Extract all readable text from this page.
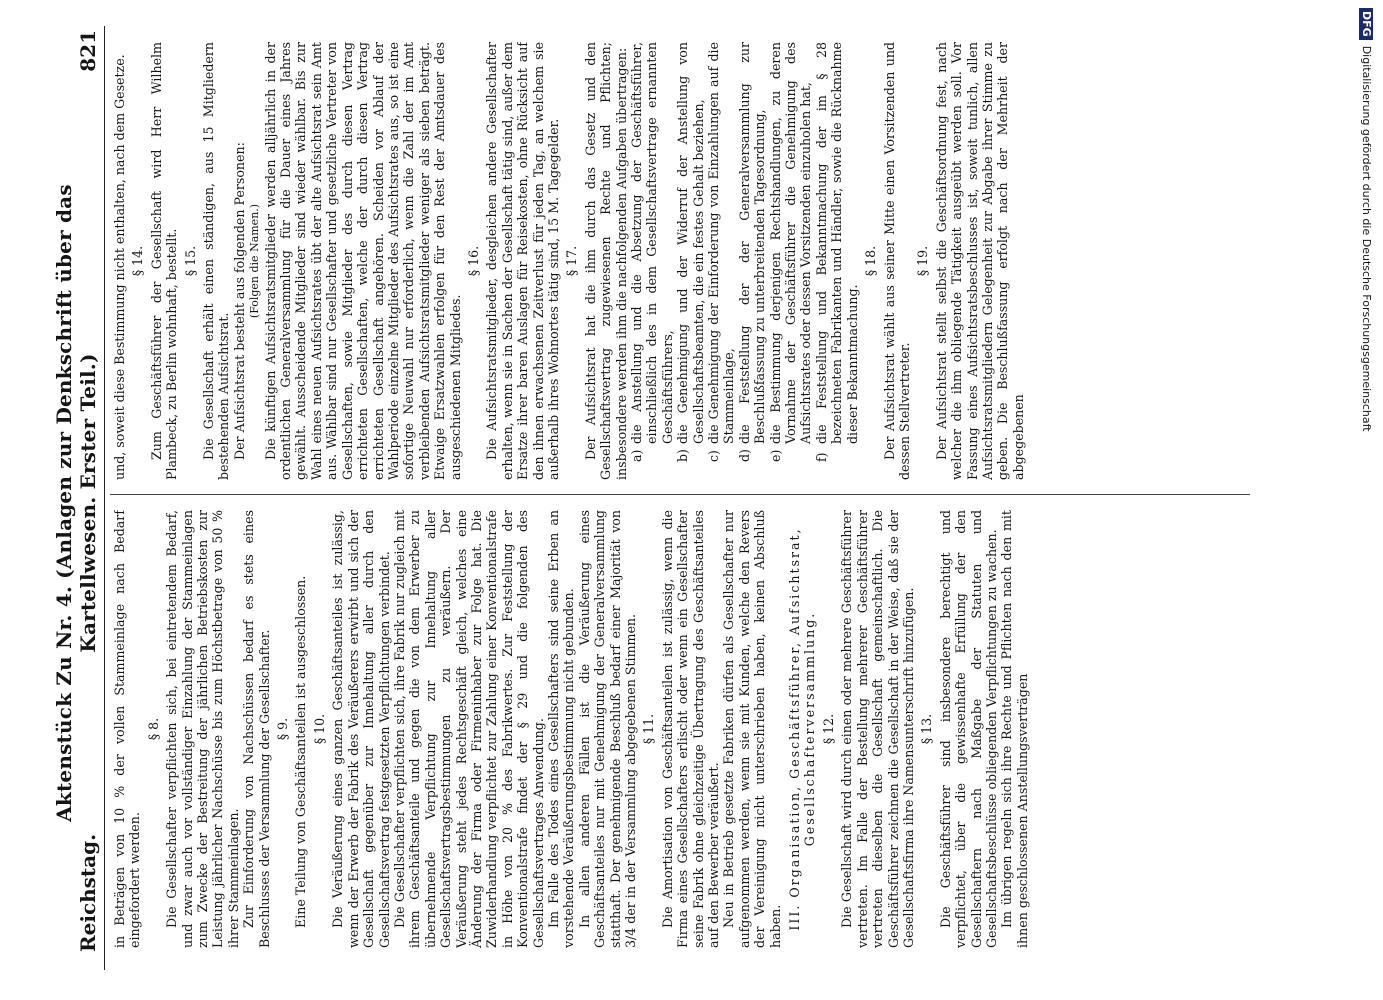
Reichstag.
Aktenstück Zu Nr. 4. (Anlagen zur Denkschrift über das Kartellwesen. Erster Teil.)
821

in Beträgen von 10 % der vollen Stammeinlage nach Bedarf eingefordert werden.

§ 8. Die Gesellschafter verpflichten sich, bei eintretendem Bedarf, und zwar auch vor vollständiger Einzahlung der Stammeinlagen zum Zwecke der Bestreitung der jährlichen Betriebskosten zur Leistung jährlicher Nachschüsse bis zum Höchstbetrage von 50 % ihrer Stammeinlagen. Zur Einforderung von Nachschüssen bedarf es stets eines Beschlusses der Versammlung der Gesellschafter. § 9. Eine Teilung von Geschäftsanteilen ist ausgeschlossen. § 10. Die Veräußerung eines ganzen Geschäftsanteiles ist zulässig, wenn der Erwerb der Fabrik des Veräußerers erwirbt und sich der Gesellschaft gegenüber zur Innehaltung aller durch den Gesellschaftsvertrag festgesetzten Verpflichtungen verbindet. Die Gesellschafter verpflichten sich, ihre Fabrik nur zugleich mit ihrem Geschäftsanteile und gegen die von dem Erwerber zu übernehmende Verpflichtung zur Innehaltung aller Gesellschaftsvertragsbestimmungen zu veräußern. Der Veräußerung steht jedes Rechtsgeschäft gleich, welches eine Änderung der Firma oder Firmeninhaber zur Folge hat. Die Zuwiderhandlung verpflichtet zur Zahlung einer Konventionalstrafe in Höhe von 20 % des Fabrikwertes. Zur Feststellung der Konventionalstrafe findet der § 29 und die folgenden des Gesellschaftsvertrages Anwendung. Im Falle des Todes eines Gesellschafters sind seine Erben an vorstehende Veräußerungsbestimmung nicht gebunden. In allen anderen Fällen ist die Veräußerung eines Geschäftsanteiles nur mit Genehmigung der Generalversammlung statthaft. Der genehmigende Beschluß bedarf einer Majorität von 3/4 der in der Versammlung abgegebenen Stimmen. § 11. Die Amortisation von Geschäftsanteilen ist zulässig, wenn die Firma eines Gesellschafters erlischt oder wenn ein Gesellschafter seine Fabrik ohne gleichzeitige Übertragung des Geschäftsanteiles auf den Bewerber veräußert. Neu in Betrieb gesetzte Fabriken dürfen als Gesellschafter nur aufgenommen werden, wenn sie mit Kunden, welche den Revers der Vereinigung nicht unterschrieben haben, keinen Abschluß haben. III. Organisation, Geschäftsführer, Aufsichtsrat, Gesellschafterversammlung. § 12. Die Gesellschaft wird durch einen oder mehrere Geschäftsführer vertreten. Im Falle der Bestellung mehrerer Geschäftsführer vertreten dieselben die Gesellschaft gemeinschaftlich. Die Geschäftsführer zeichnen die Gesellschaft in der Weise, daß sie der Gesellschaftsfirma ihre Namensunterschrift hinzufügen. § 13. Die Geschäftsführer sind insbesondere berechtigt und verpflichtet, über die gewissenhafte Erfüllung der den Gesellschaftern nach Maßgabe der Statuten und Gesellschaftsbeschlüsse obliegenden Verpflichtungen zu wachen. Im übrigen regeln sich ihre Rechte und Pflichten nach den mit ihnen geschlossenen Anstellungsverträgen

und, soweit diese Bestimmung nicht enthalten, nach dem Gesetze. § 14. Zum Geschäftsführer der Gesellschaft wird Herr Wilhelm Plambeck, zu Berlin wohnhaft, bestellt. § 15. Die Gesellschaft erhält einen ständigen, aus 15 Mitgliedern bestehenden Aufsichtsrat. Der Aufsichtsrat besteht aus folgenden Personen: (Folgen die Namen.) Die künftigen Aufsichtsratsmitglieder werden alljährlich in der ordentlichen Generalversammlung für die Dauer eines Jahres gewählt. Ausscheidende Mitglieder sind wieder wählbar. Bis zur Wahl eines neuen Aufsichtsrates übt der alte Aufsichtsrat sein Amt aus. Wählbar sind nur Gesellschafter und gesetzliche Vertreter von Gesellschaften, sowie Mitglieder des durch diesen Vertrag errichteten Gesellschaften, welche der durch diesen Vertrag errichteten Gesellschaft angehören. Scheiden vor Ablauf der Wahlperiode einzelne Mitglieder des Aufsichtsrates aus, so ist eine sofortige Neuwahl nur erforderlich, wenn die Zahl der im Amt verbleibenden Aufsichtsratsmitglieder weniger als sieben beträgt. Etwaige Ersatzwahlen erfolgen für den Rest der Amtsdauer des ausgeschiedenen Mitgliedes.

§ 16. Die Aufsichtsratsmitglieder, desgleichen andere Gesellschafter erhalten, wenn sie in Sachen der Gesellschaft tätig sind, außer dem Ersatze ihrer baren Auslagen für Reisekosten, ohne Rücksicht auf den ihnen erwachsenen Zeitverlust für jeden Tag, an welchem sie außerhalb ihres Wohnortes tätig sind, 15 M. Tagegelder. § 17. Der Aufsichtsrat hat die ihm durch das Gesetz und den Gesellschaftsvertrag zugewiesenen Rechte und Pflichten; insbesondere werden ihm die nachfolgenden Aufgaben übertragen: a)die Anstellung und die Absetzung der Geschäftsführer, einschließlich des in dem Gesellschaftsvertrage ernannten Geschäftsführers,
b)die Genehmigung und der Widerruf der Anstellung von Gesellschaftsbeamten, die ein festes Gehalt beziehen,
c)die Genehmigung der Einforderung von Einzahlungen auf die Stammeinlage,
d)die Feststellung der der Generalversammlung zur Beschlußfassung zu unterbreitenden Tagesordnung,
e)die Bestimmung derjenigen Rechtshandlungen, zu deren Vornahme der Geschäftsführer die Genehmigung des Aufsichtsrates oder dessen Vorsitzenden einzuholen hat,
f)die Feststellung und Bekanntmachung der im § 28 bezeichneten Fabrikanten und Händler, sowie die Rücknahme dieser Bekanntmachung.
§ 18. Der Aufsichtsrat wählt aus seiner Mitte einen Vorsitzenden und dessen Stellvertreter.

§ 19. Der Aufsichtsrat stellt selbst die Geschäftsordnung fest, nach welcher die ihm obliegende Tätigkeit ausgeübt werden soll. Vor Fassung eines Aufsichtsratsbeschlusses ist, soweit tunlich, allen Aufsichtsratsmitgliedern Gelegenheit zur Abgabe ihrer Stimme zu geben. Die Beschlußfassung erfolgt nach der Mehrheit der abgegebenen

DFGDigitalisierung gefördert durch die Deutsche Forschungsgemeinschaft
